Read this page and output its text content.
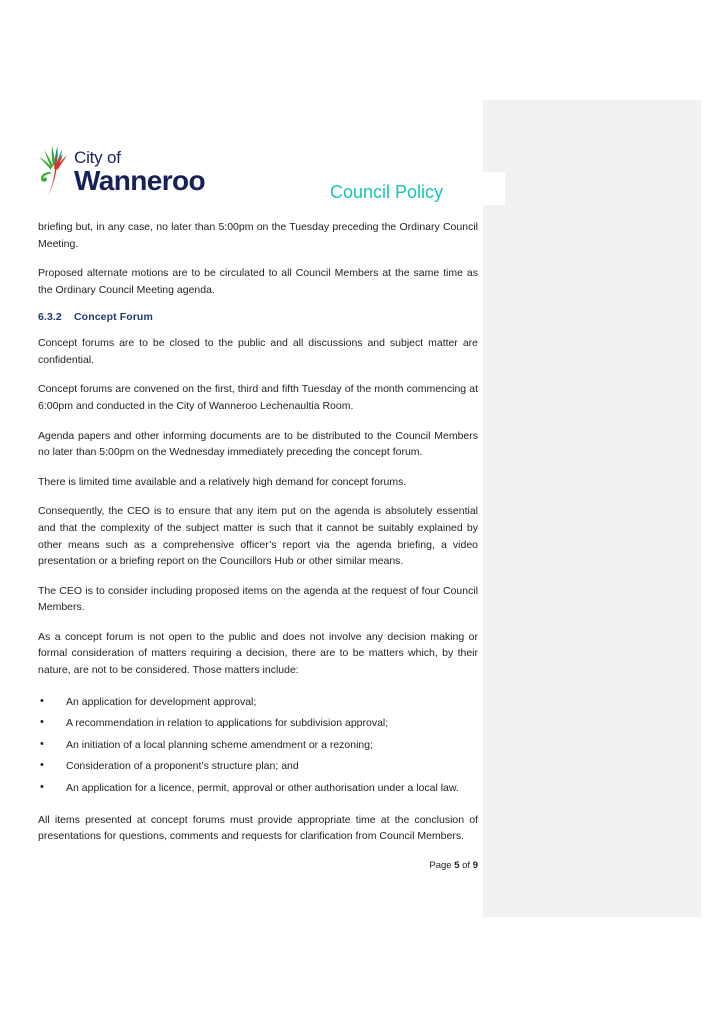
City of
Wanneroo	Council Policy

briefing but, in any case, no later than 5:00pm on the Tuesday preceding the Ordinary Council Meeting.

Proposed alternate motions are to be circulated to all Council Members at the same time as the Ordinary Council Meeting agenda.

6.3.2 Concept Forum

Concept forums are to be closed to the public and all discussions and subject matter are confidential.

Concept forums are convened on the first, third and fifth Tuesday of the month commencing at 6:00pm and conducted in the City of Wanneroo Lechenaultia Room.

Agenda papers and other informing documents are to be distributed to the Council Members no later than 5:00pm on the Wednesday immediately preceding the concept forum.

There is limited time available and a relatively high demand for concept forums.

Consequently, the CEO is to ensure that any item put on the agenda is absolutely essential and that the complexity of the subject matter is such that it cannot be suitably explained by other means such as a comprehensive officer’s report via the agenda briefing, a video presentation or a briefing report on the Councillors Hub or other similar means.

The CEO is to consider including proposed items on the agenda at the request of four Council Members.

As a concept forum is not open to the public and does not involve any decision making or formal consideration of matters requiring a decision, there are to be matters which, by their nature, are not to be considered. Those matters include:

• An application for development approval;
• A recommendation in relation to applications for subdivision approval;
• An initiation of a local planning scheme amendment or a rezoning;
• Consideration of a proponent’s structure plan; and
• An application for a licence, permit, approval or other authorisation under a local law.

All items presented at concept forums must provide appropriate time at the conclusion of presentations for questions, comments and requests for clarification from Council Members.

Page 5 of 9
